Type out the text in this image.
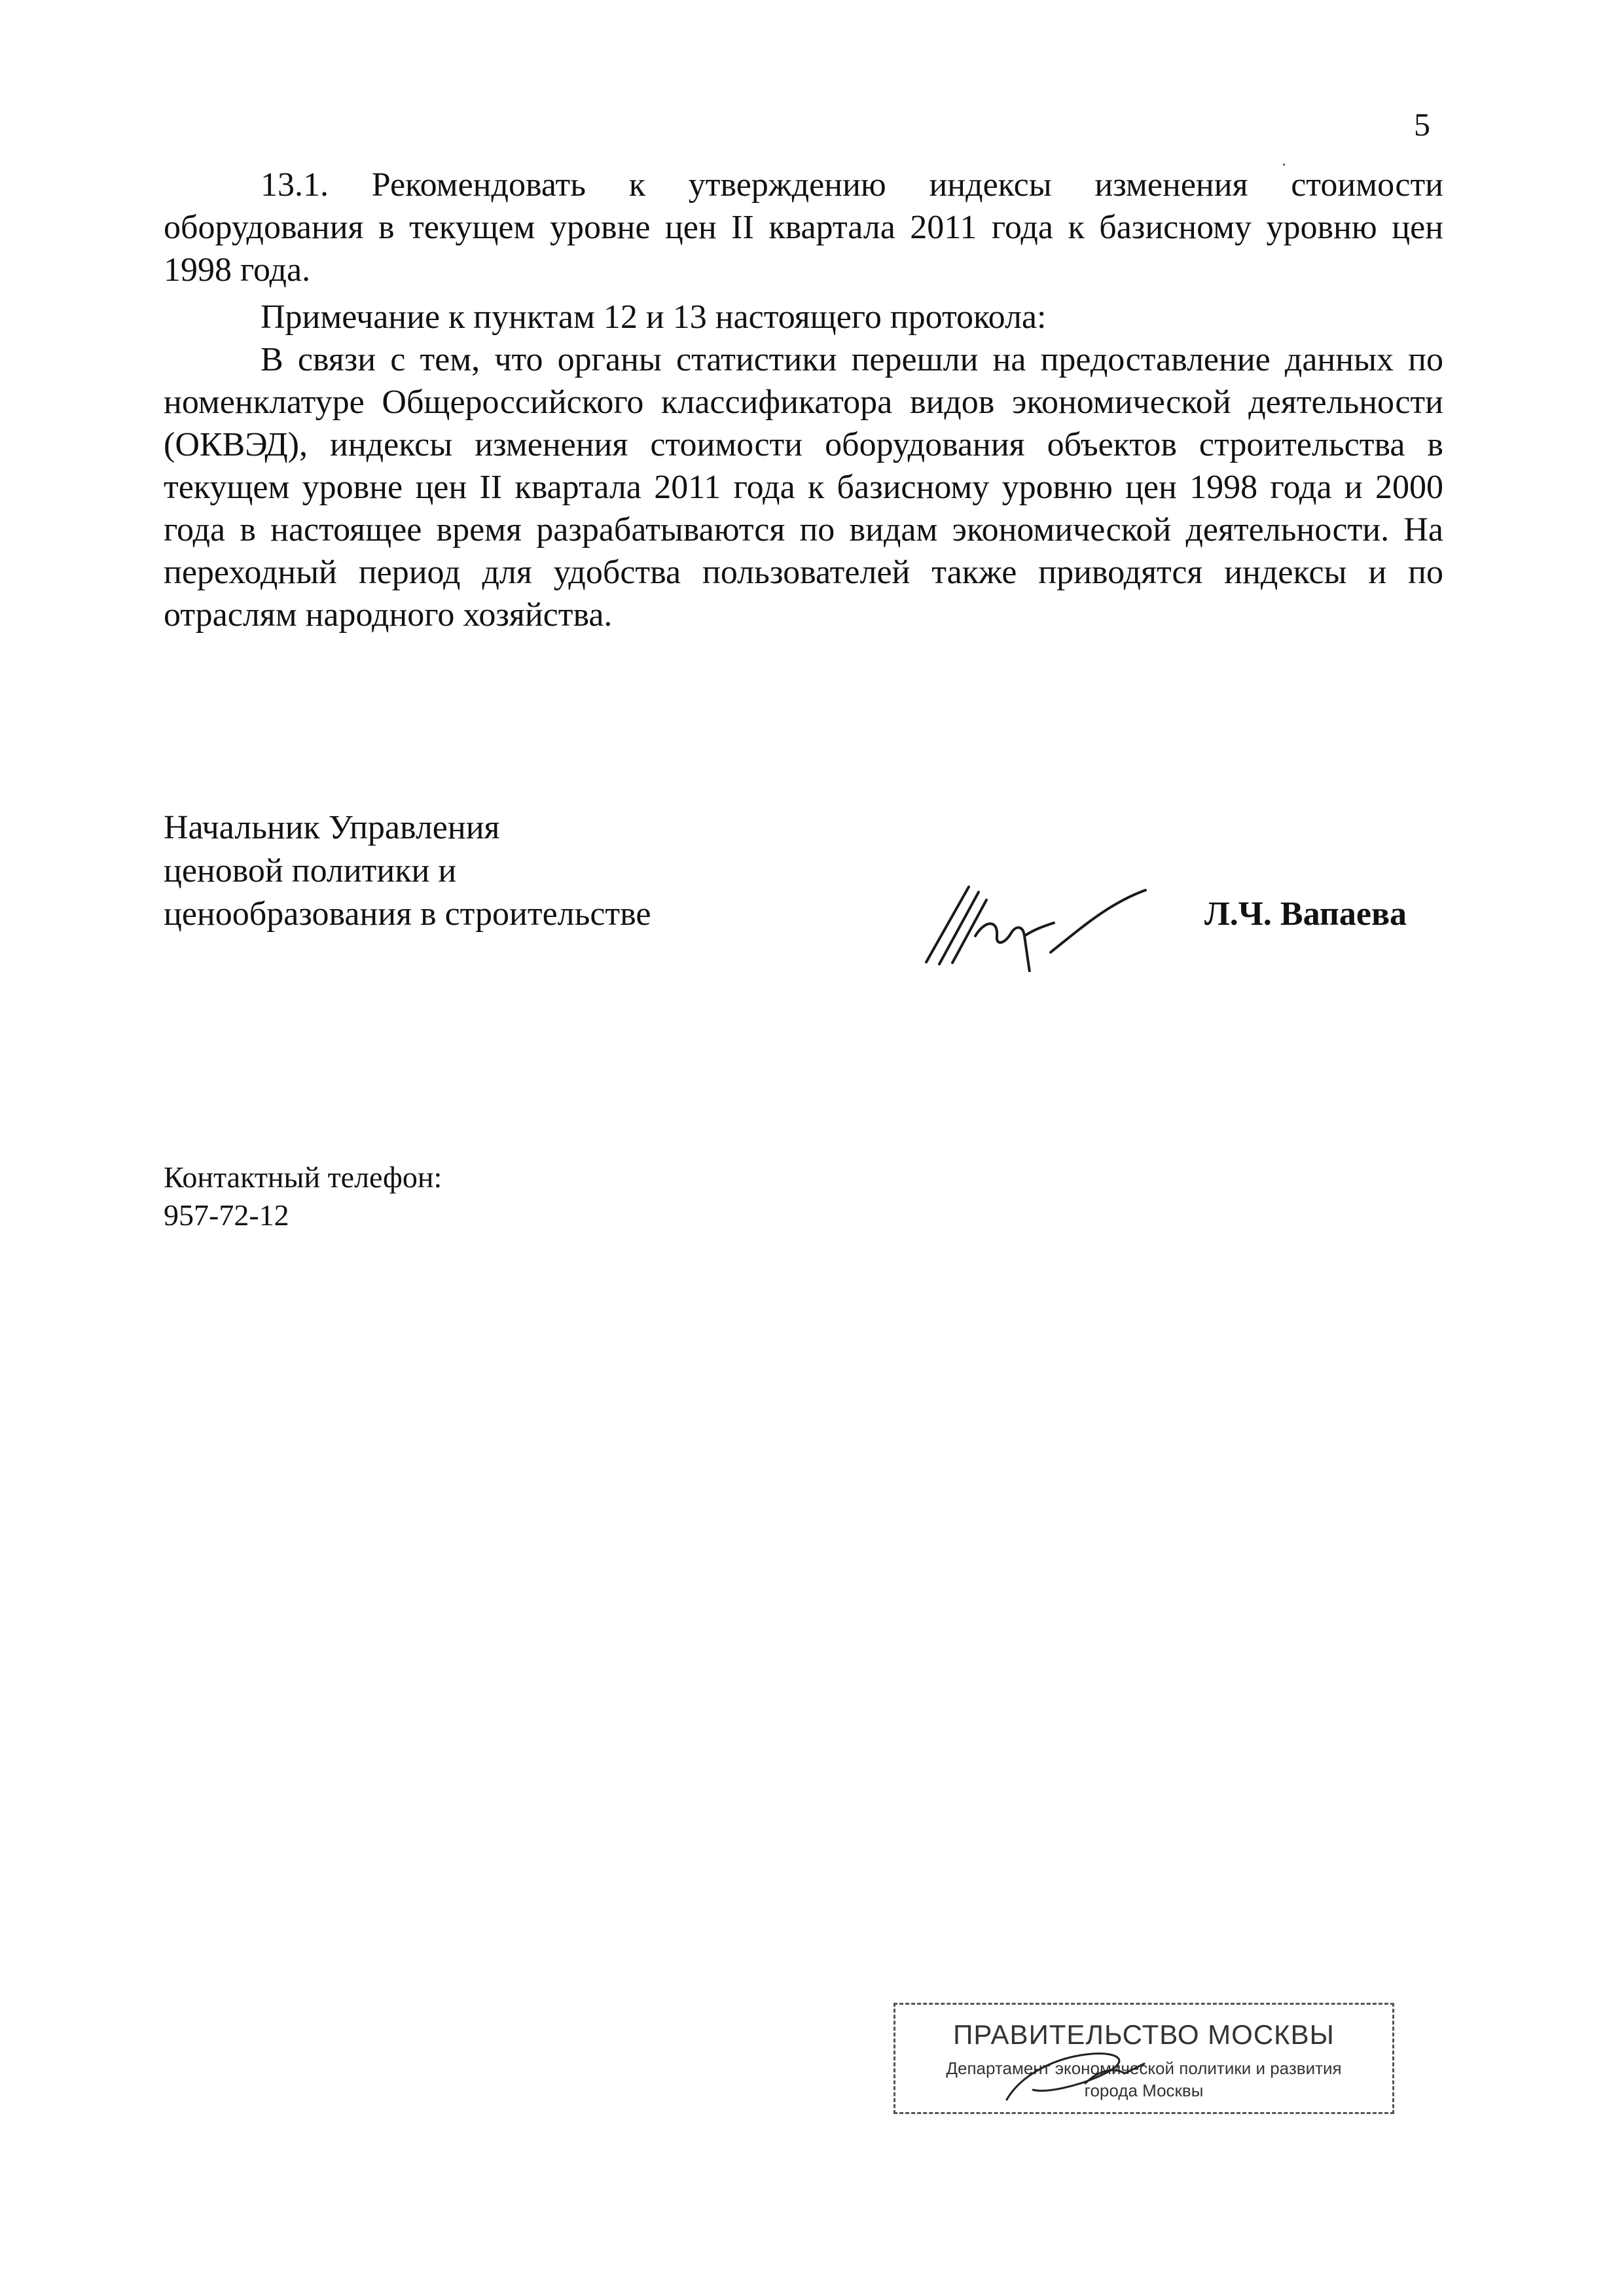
5

13.1. Рекомендовать к утверждению индексы изменения стоимости оборудования в текущем уровне цен II квартала 2011 года к базисному уровню цен 1998 года.

Примечание к пунктам 12 и 13 настоящего протокола:

В связи с тем, что органы статистики перешли на предоставление данных по номенклатуре Общероссийского классификатора видов экономической деятельности (ОКВЭД), индексы изменения стоимости оборудования объектов строительства в текущем уровне цен II квартала 2011 года к базисному уровню цен 1998 года и 2000 года в настоящее время разрабатываются по видам экономической деятельности. На переходный период для удобства пользователей также приводятся индексы и по отраслям народного хозяйства.

Начальник Управления
ценовой политики и
ценообразования в строительстве	Л.Ч. Вапаева
Контактный телефон:
957-72-12
ПРАВИТЕЛЬСТВО МОСКВЫ
Департамент экономической политики и развития
города Москвы
